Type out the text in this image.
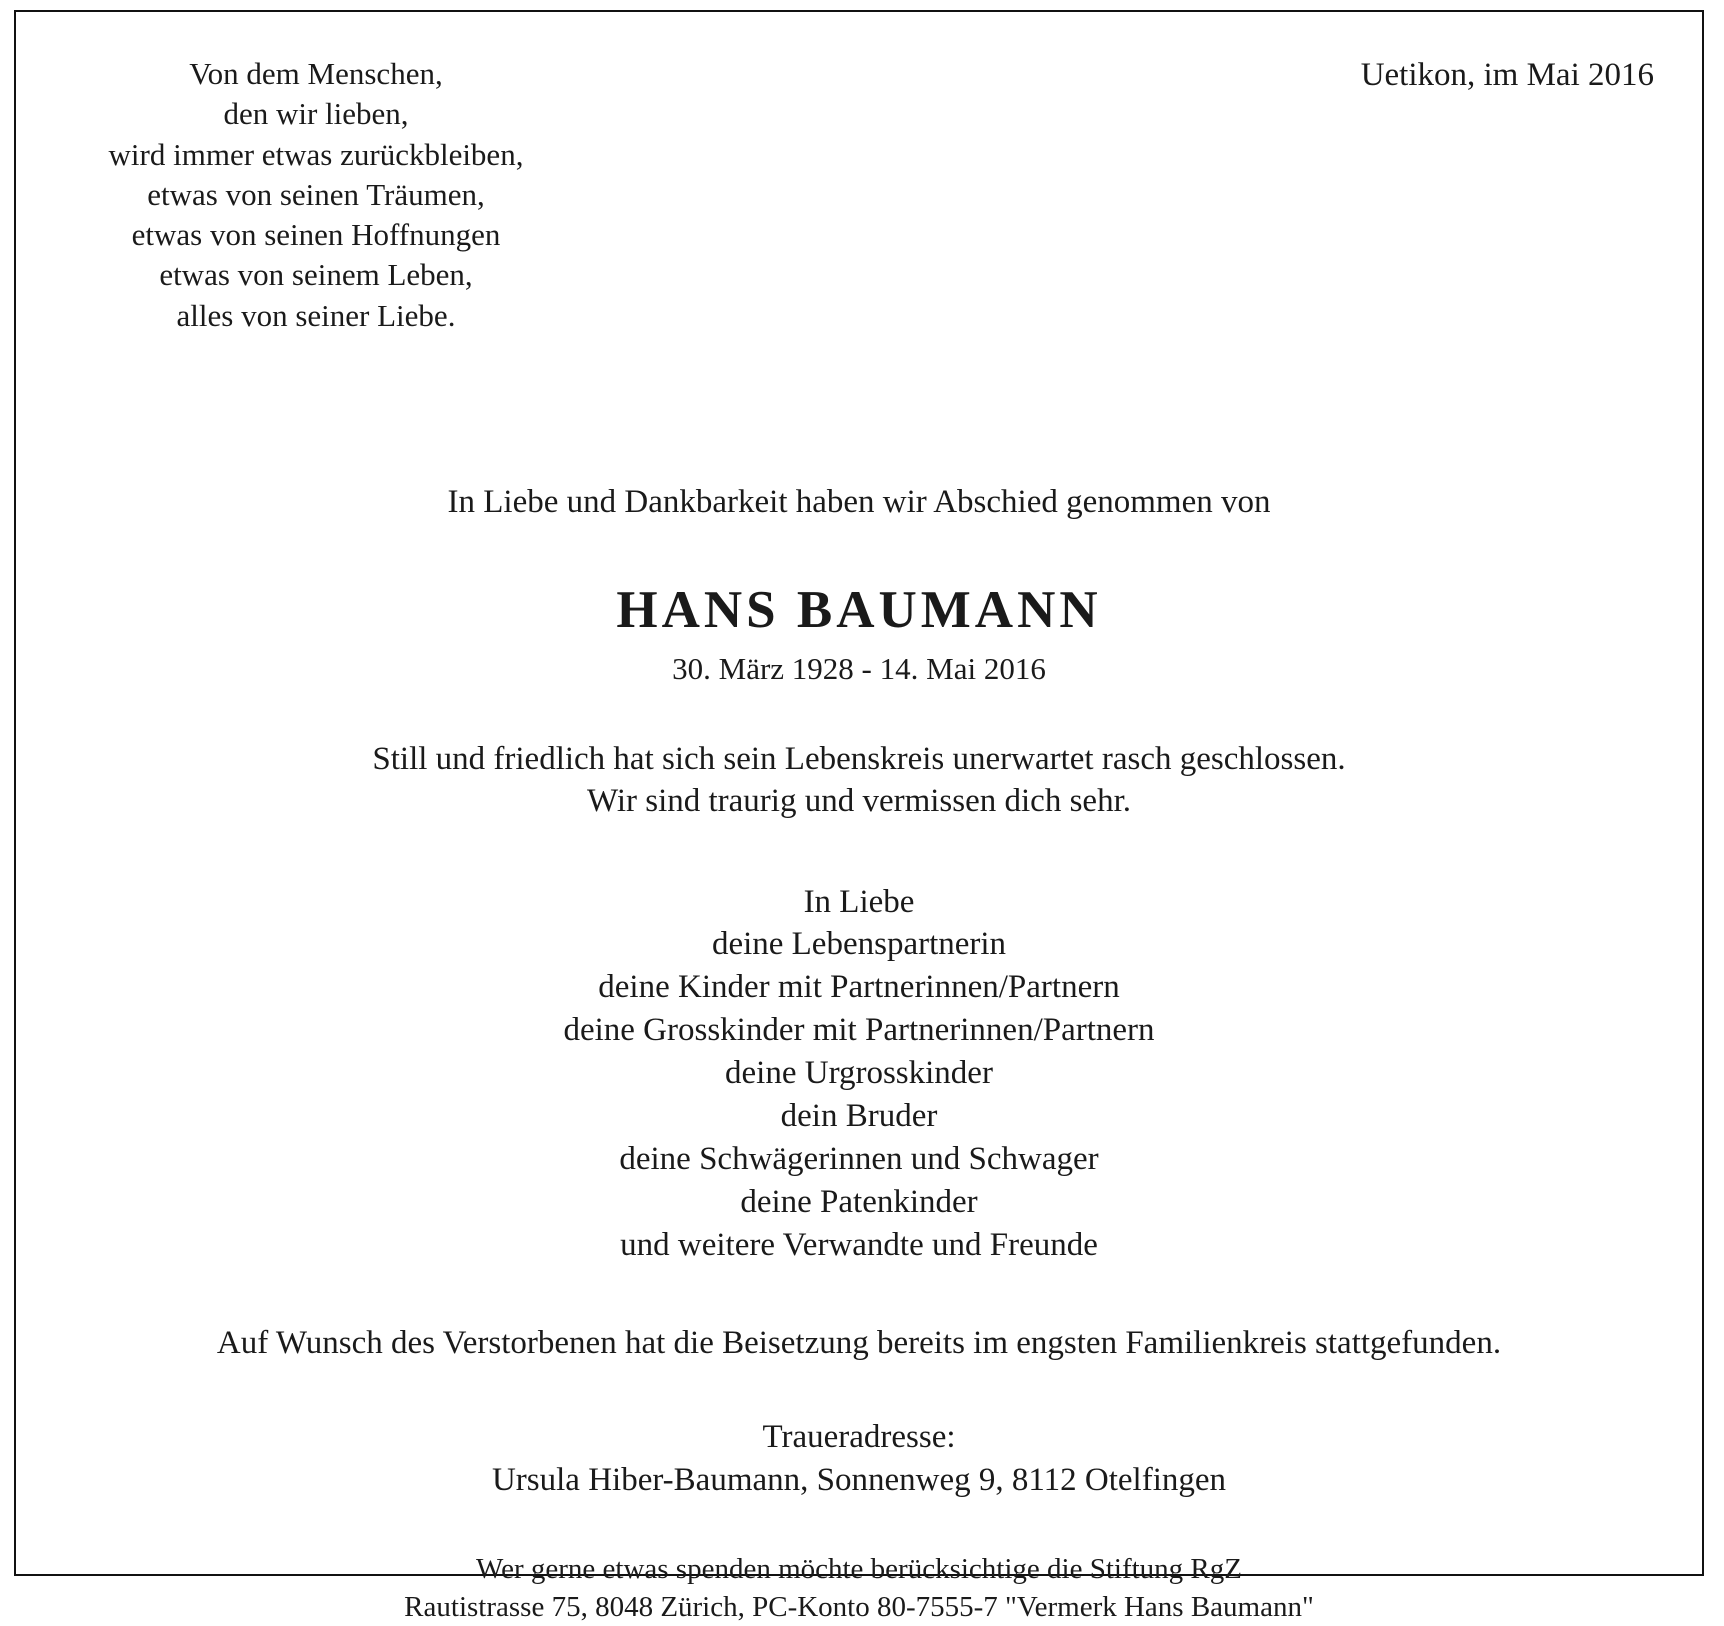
Von dem Menschen,
den wir lieben,
wird immer etwas zurückbleiben,
etwas von seinen Träumen,
etwas von seinen Hoffnungen
etwas von seinem Leben,
alles von seiner Liebe.
Uetikon, im Mai 2016
In Liebe und Dankbarkeit haben wir Abschied genommen von
HANS BAUMANN
30. März 1928 - 14. Mai 2016
Still und friedlich hat sich sein Lebenskreis unerwartet rasch geschlossen.
Wir sind traurig und vermissen dich sehr.
In Liebe
deine Lebenspartnerin
deine Kinder mit Partnerinnen/Partnern
deine Grosskinder mit Partnerinnen/Partnern
deine Urgrosskinder
dein Bruder
deine Schwägerinnen und Schwager
deine Patenkinder
und weitere Verwandte und Freunde
Auf Wunsch des Verstorbenen hat die Beisetzung bereits im engsten Familienkreis stattgefunden.
Traueradresse:
Ursula Hiber-Baumann, Sonnenweg 9, 8112 Otelfingen
Wer gerne etwas spenden möchte berücksichtige die Stiftung RgZ
Rautistrasse 75, 8048 Zürich, PC-Konto 80-7555-7 "Vermerk Hans Baumann"
